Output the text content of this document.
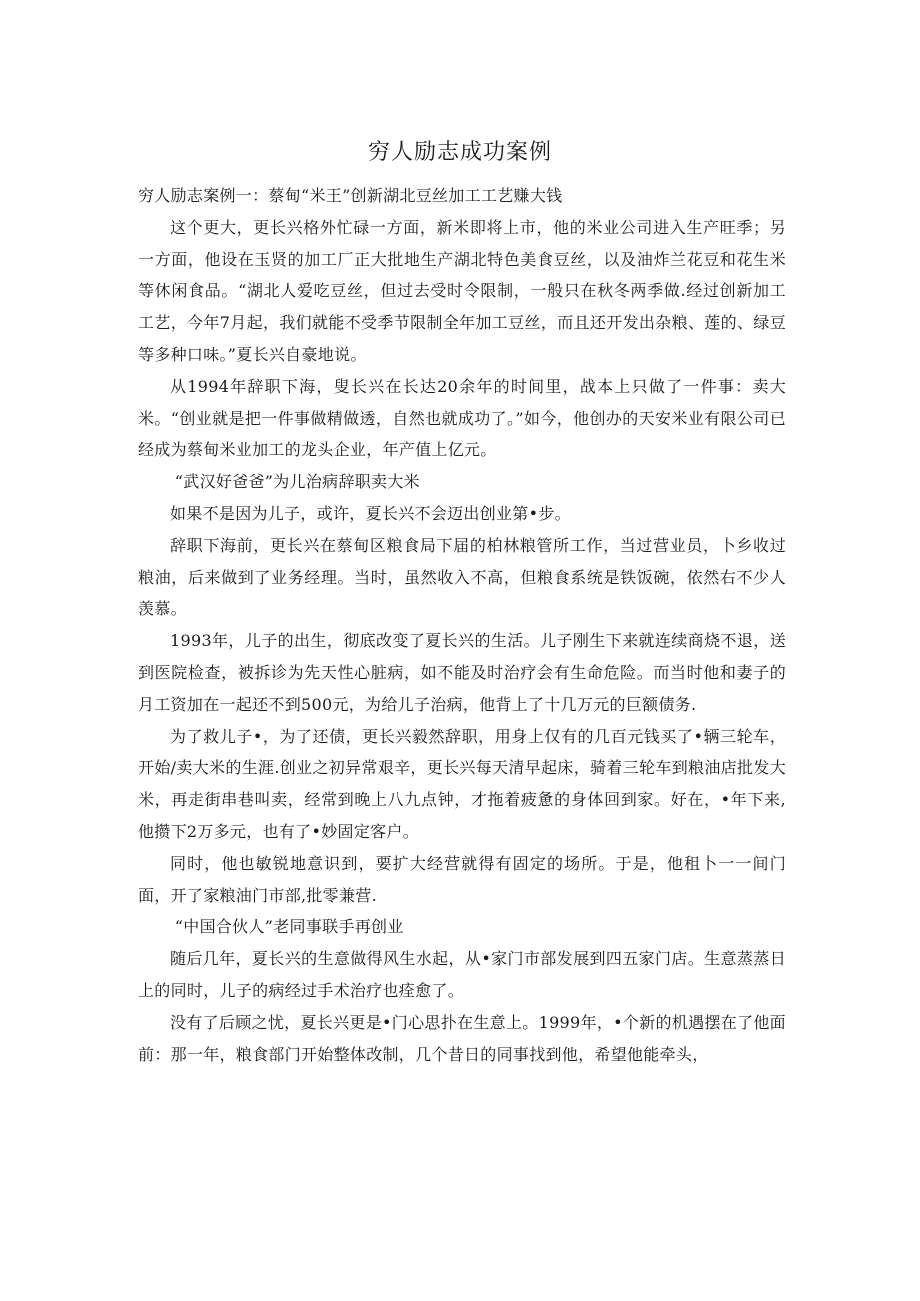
穷人励志成功案例

穷人励志案例一：蔡甸“米王”创新湖北豆丝加工工艺赚大钱

这个更大，更长兴格外忙碌一方面，新米即将上市，他的米业公司进入生产旺季；另一方面，他设在玉贤的加工厂正大批地生产湖北特色美食豆丝，以及油炸兰花豆和花生米等休闲食品。“湖北人爱吃豆丝，但过去受时令限制，一般只在秋冬两季做.经过创新加工工艺，今年7月起，我们就能不受季节限制全年加工豆丝，而且还开发出杂粮、莲的、绿豆等多种口味。”夏长兴自豪地说。

从1994年辞职下海，叟长兴在长达20余年的时间里，战本上只做了一件事：卖大米。“创业就是把一件事做精做透，自然也就成功了。”如今，他创办的天安米业有限公司已经成为蔡甸米业加工的龙头企业，年产值上亿元。

“武汉好爸爸”为儿治病辞职卖大米

如果不是因为儿子，或许，夏长兴不会迈出创业第•步。

辞职下海前，更长兴在蔡甸区粮食局下届的柏林粮管所工作，当过营业员，卜乡收过粮油，后来做到了业务经理。当时，虽然收入不高，但粮食系统是铁饭碗，依然右不少人羡慕。

1993年，儿子的出生，彻底改变了夏长兴的生活。儿子刚生下来就连续商烧不退，送到医院检查，被拆诊为先天性心脏病，如不能及时治疗会有生命危险。而当时他和妻子的月工资加在一起还不到500元，为给儿子治病，他背上了十几万元的巨额债务.

为了救儿子•，为了还债，更长兴毅然辞职，用身上仅有的几百元钱买了•辆三轮车，开始/卖大米的生涯.创业之初异常艰辛，更长兴每天清早起床，骑着三轮车到粮油店批发大米，再走街串巷叫卖，经常到晚上八九点钟，才拖着疲惫的身体回到家。好在，•年下来,他攒下2万多元，也有了•妙固定客户。

同时，他也敏锐地意识到，要扩大经营就得有固定的场所。于是，他租卜一一间门面，开了家粮油门市部,批零兼营.

“中国合伙人”老同事联手再创业

随后几年，夏长兴的生意做得风生水起，从•家门市部发展到四五家门店。生意蒸蒸日上的同时，儿子的病经过手术治疗也痊愈了。

没有了后顾之忧，夏长兴更是•门心思扑在生意上。1999年，•个新的机遇摆在了他面前：那一年，粮食部门开始整体改制，几个昔日的同事找到他，希望他能牵头，
